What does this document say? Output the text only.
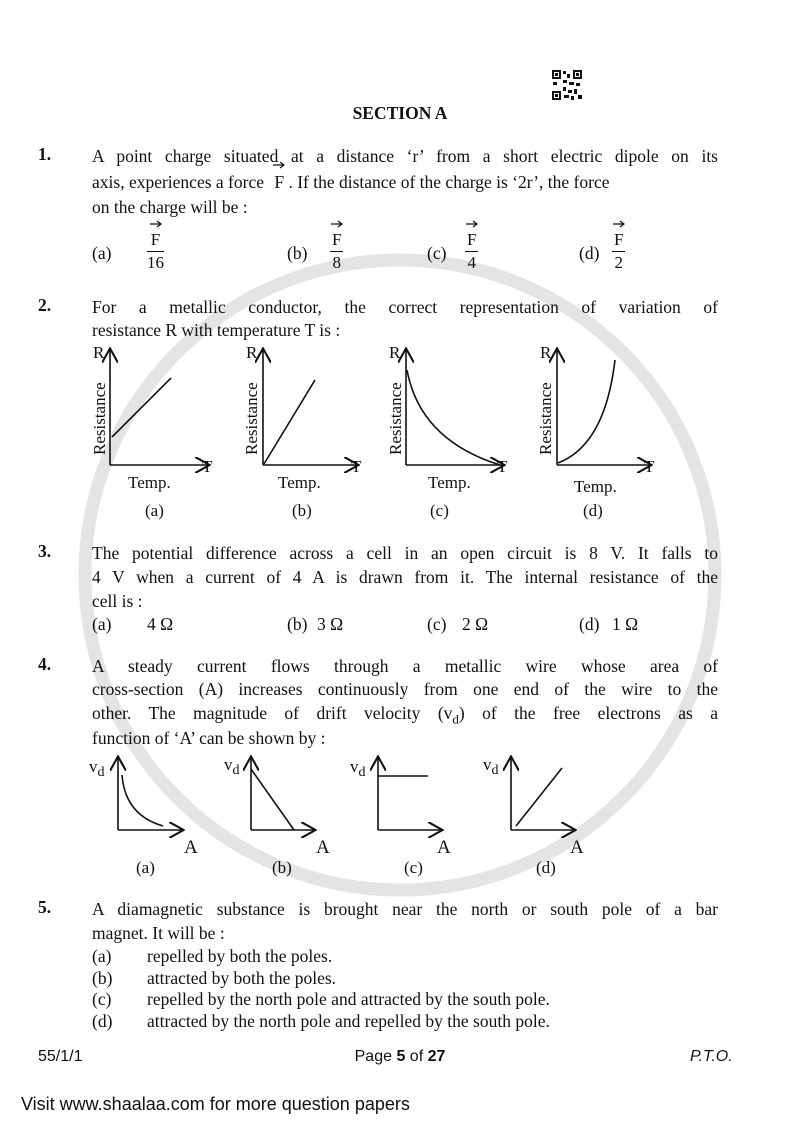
SECTION A
1. A point charge situated at a distance ‘r’ from a short electric dipole on its
axis, experiences a force F . If the distance of the charge is ‘2r’, the force
on the charge will be :
$(a) \frac{F}{16}$	$(b) \frac{F}{8}$	$(c) \frac{F}{4}$	$(d) \frac{F}{2}$
2. For a metallic conductor, the correct representation of variation of
resistance R with temperature T is :
R	R	R	R
T	T	T	T
Resistance	Resistance	Resistance	Resistance
Temp.	Temp.	Temp.	Temp.
(a)	(b)	(c)	(d)
3. The potential difference across a cell in an open circuit is 8 V. It falls to
4 V when a current of 4 A is drawn from it. The internal resistance of the
cell is :
(a) 4 Ω	(b) 3 Ω	(c) 2 Ω	(d) 1 Ω
4. A steady current flows through a metallic wire whose area of
cross-section (A) increases continuously from one end of the wire to the
other. The magnitude of drift velocity $(v_d)$ of the free electrons as a
function of ‘A’ can be shown by :
$v_d$	$v_d$	$v_d$	$v_d$
A	A	A	A
(a)	(b)	(c)	(d)
5. A diamagnetic substance is brought near the north or south pole of a bar
magnet. It will be :
(a) repelled by both the poles.
(b) attracted by both the poles.
(c) repelled by the north pole and attracted by the south pole.
(d) attracted by the north pole and repelled by the south pole.
55/1/1	Page 5 of 27	P.T.O.
Visit www.shaalaa.com for more question papers
